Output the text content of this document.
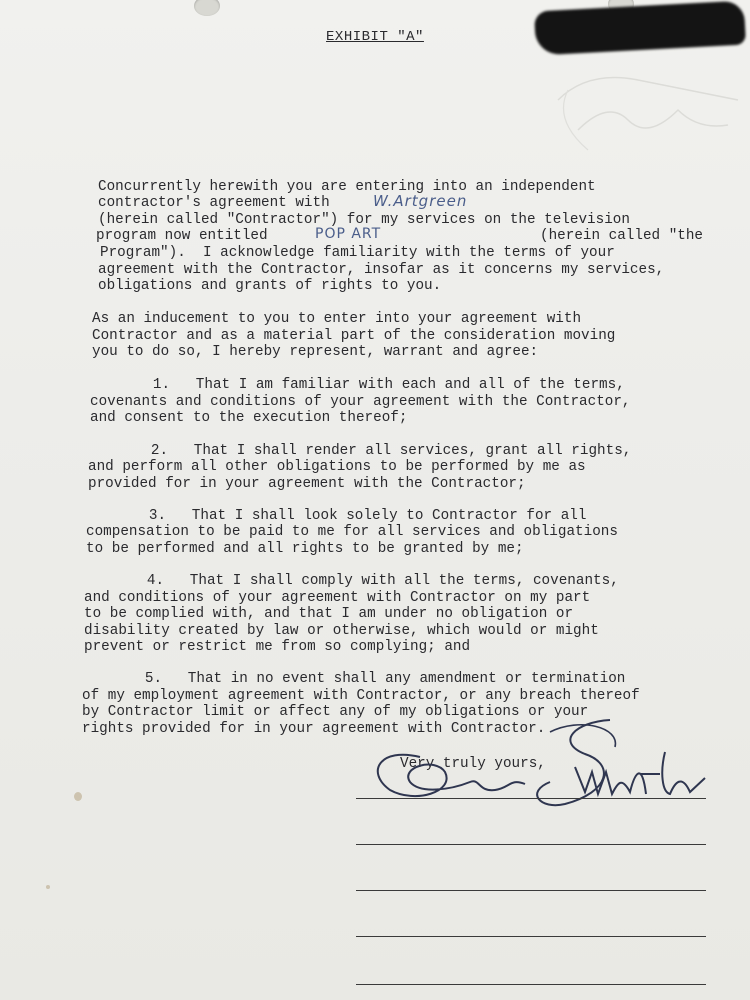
EXHIBIT "A"
Concurrently herewith you are entering into an independent
contractor's agreement with	W.Artgreen
(herein called "Contractor") for my services on the television
program now entitled	POP ART	(herein called "the
Program").  I acknowledge familiarity with the terms of your
agreement with the Contractor, insofar as it concerns my services,
obligations and grants of rights to you.
As an inducement to you to enter into your agreement with
Contractor and as a material part of the consideration moving
you to do so, I hereby represent, warrant and agree:
1.   That I am familiar with each and all of the terms,
covenants and conditions of your agreement with the Contractor,
and consent to the execution thereof;
2.   That I shall render all services, grant all rights,
and perform all other obligations to be performed by me as
provided for in your agreement with the Contractor;
3.   That I shall look solely to Contractor for all
compensation to be paid to me for all services and obligations
to be performed and all rights to be granted by me;
4.   That I shall comply with all the terms, covenants,
and conditions of your agreement with Contractor on my part
to be complied with, and that I am under no obligation or
disability created by law or otherwise, which would or might
prevent or restrict me from so complying; and
5.   That in no event shall any amendment or termination
of my employment agreement with Contractor, or any breach thereof
by Contractor limit or affect any of my obligations or your
rights provided for in your agreement with Contractor.
Very truly yours,
